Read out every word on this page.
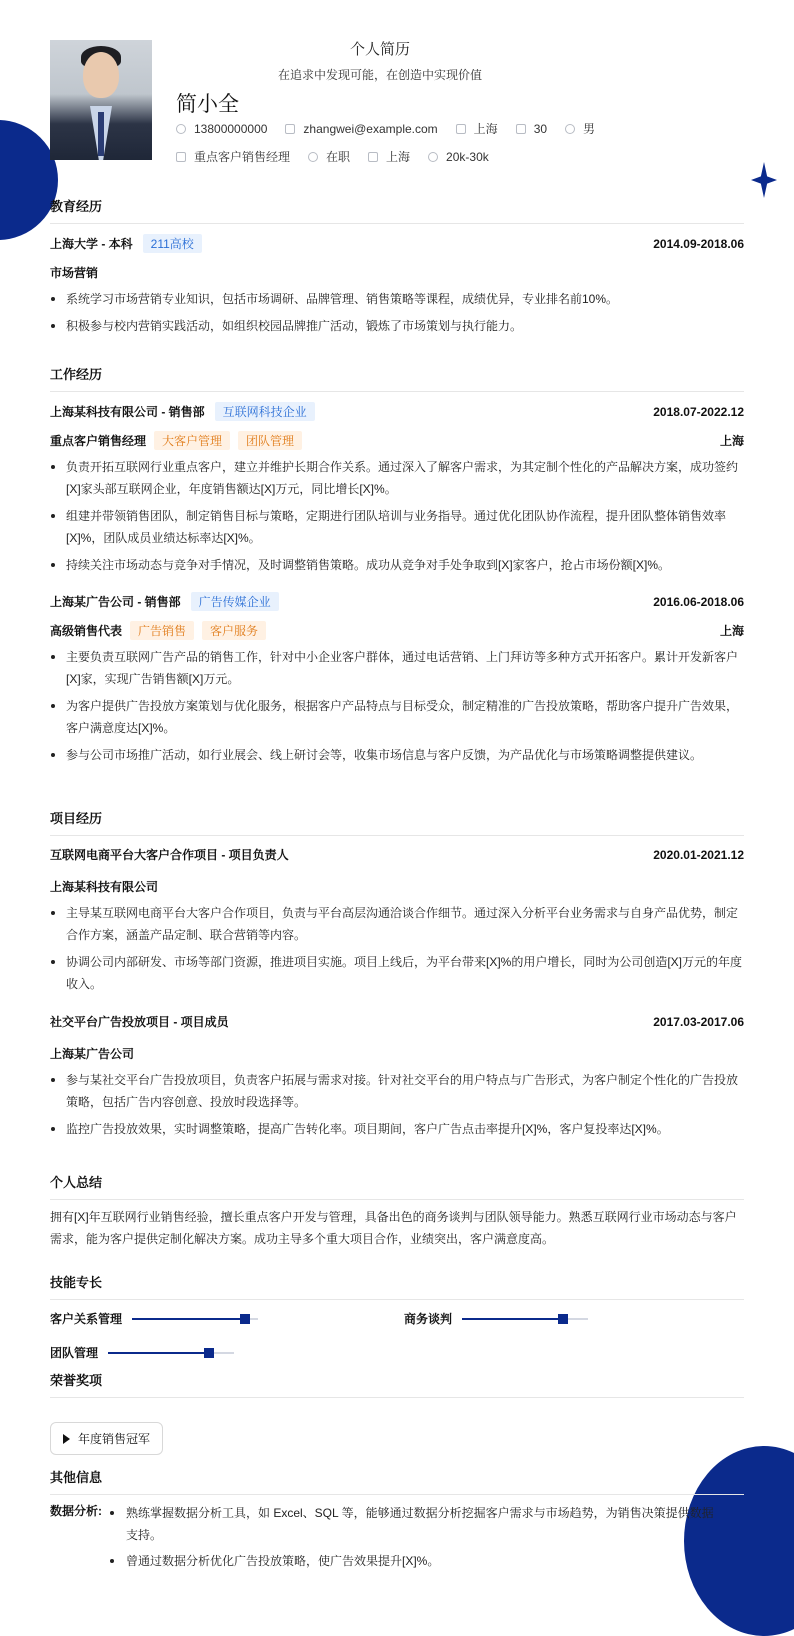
个人简历
在追求中发现可能，在创造中实现价值
简小全
13800000000	zhangwei@example.com	上海	30	男
重点客户销售经理	在职	上海	20k-30k
教育经历
上海大学 - 本科	211高校	2014.09-2018.06
市场营销
系统学习市场营销专业知识，包括市场调研、品牌管理、销售策略等课程，成绩优异，专业排名前10%。
积极参与校内营销实践活动，如组织校园品牌推广活动，锻炼了市场策划与执行能力。
工作经历
上海某科技有限公司 - 销售部	互联网科技企业	2018.07-2022.12
重点客户销售经理	大客户管理	团队管理	上海
负责开拓互联网行业重点客户，建立并维护长期合作关系。通过深入了解客户需求，为其定制个性化的产品解决方案，成功签约[X]家头部互联网企业，年度销售额达[X]万元，同比增长[X]%。
组建并带领销售团队，制定销售目标与策略，定期进行团队培训与业务指导。通过优化团队协作流程，提升团队整体销售效率[X]%，团队成员业绩达标率达[X]%。
持续关注市场动态与竞争对手情况，及时调整销售策略。成功从竞争对手处争取到[X]家客户，抢占市场份额[X]%。
上海某广告公司 - 销售部	广告传媒企业	2016.06-2018.06
高级销售代表	广告销售	客户服务	上海
主要负责互联网广告产品的销售工作，针对中小企业客户群体，通过电话营销、上门拜访等多种方式开拓客户。累计开发新客户[X]家，实现广告销售额[X]万元。
为客户提供广告投放方案策划与优化服务，根据客户产品特点与目标受众，制定精准的广告投放策略，帮助客户提升广告效果，客户满意度达[X]%。
参与公司市场推广活动，如行业展会、线上研讨会等，收集市场信息与客户反馈，为产品优化与市场策略调整提供建议。
项目经历
互联网电商平台大客户合作项目 - 项目负责人	2020.01-2021.12
上海某科技有限公司
主导某互联网电商平台大客户合作项目，负责与平台高层沟通洽谈合作细节。通过深入分析平台业务需求与自身产品优势，制定合作方案，涵盖产品定制、联合营销等内容。
协调公司内部研发、市场等部门资源，推进项目实施。项目上线后，为平台带来[X]%的用户增长，同时为公司创造[X]万元的年度收入。
社交平台广告投放项目 - 项目成员	2017.03-2017.06
上海某广告公司
参与某社交平台广告投放项目，负责客户拓展与需求对接。针对社交平台的用户特点与广告形式，为客户制定个性化的广告投放策略，包括广告内容创意、投放时段选择等。
监控广告投放效果，实时调整策略，提高广告转化率。项目期间，客户广告点击率提升[X]%，客户复投率达[X]%。
个人总结
拥有[X]年互联网行业销售经验，擅长重点客户开发与管理，具备出色的商务谈判与团队领导能力。熟悉互联网行业市场动态与客户需求，能为客户提供定制化解决方案。成功主导多个重大项目合作，业绩突出，客户满意度高。
技能专长
客户关系管理	商务谈判
团队管理
荣誉奖项
年度销售冠军
其他信息
数据分析:	熟练掌握数据分析工具，如 Excel、SQL 等，能够通过数据分析挖掘客户需求与市场趋势，为销售决策提供数据支持。
曾通过数据分析优化广告投放策略，使广告效果提升[X]%。
